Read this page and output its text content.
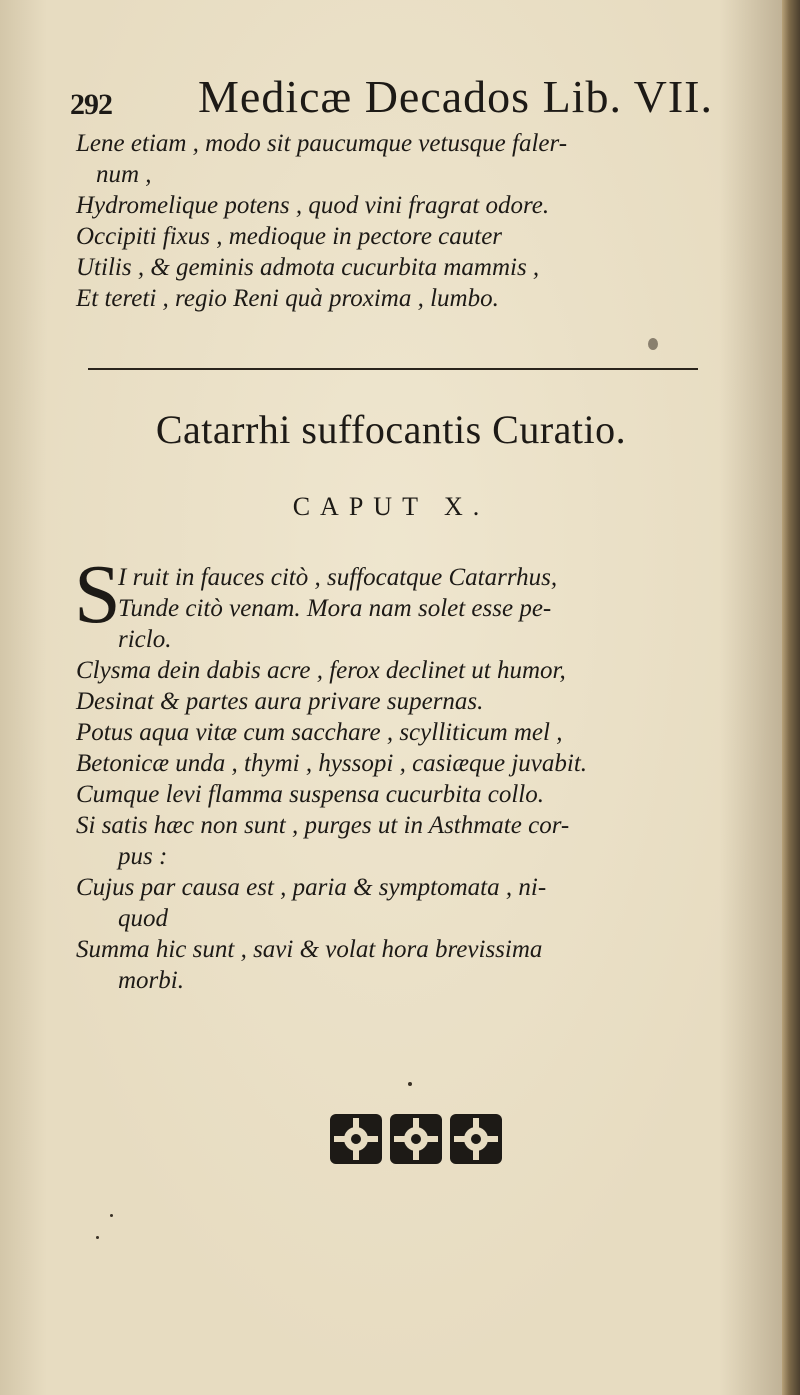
292 Medicæ Decados Lib. VII.
Lene etiam , modo sit paucumque vetusque faler-
num ,
Hydromelique potens , quod vini fragrat odore.
Occipiti fixus , medioque in pectore cauter
Utilis , & geminis admota cucurbita mammis ,
Et tereti , regio Reni quà proxima , lumbo.
Catarrhi suffocantis Curatio.
CAPUT X.
S
I ruit in fauces citò , suffocatque Catarrhus,
Tunde citò venam. Mora nam solet esse pe-
riclo.
Clysma dein dabis acre , ferox declinet ut humor,
Desinat & partes aura privare supernas.
Potus aqua vitæ cum sacchare , scylliticum mel ,
Betonicæ unda , thymi , hyssopi , casiæque juvabit.
Cumque levi flamma suspensa cucurbita collo.
Si satis hæc non sunt , purges ut in Asthmate cor-
pus :
Cujus par causa est , paria & symptomata , ni-
quod
Summa hic sunt , savi & volat hora brevissima
morbi.
